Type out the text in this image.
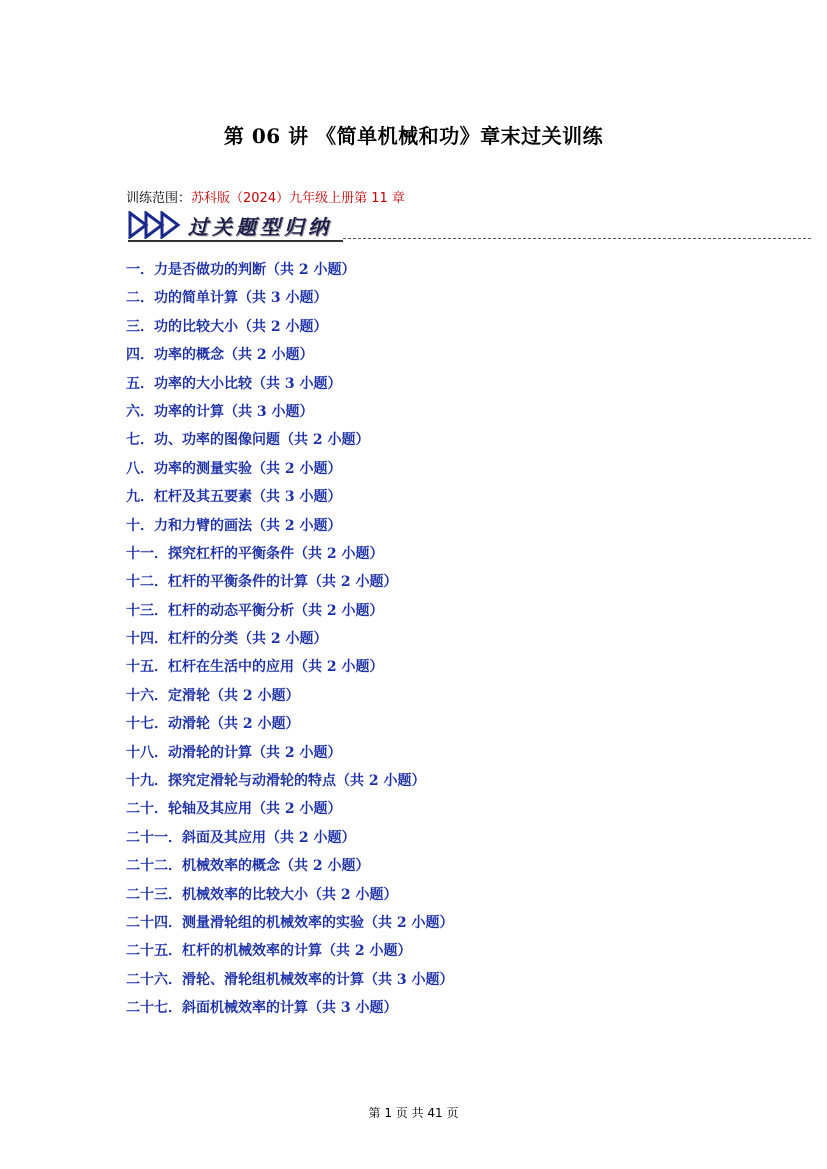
第 06 讲 《简单机械和功》章末过关训练
训练范围：苏科版（2024）九年级上册第 11 章
过关题型归纳
一．力是否做功的判断（共 2 小题）
二．功的简单计算（共 3 小题）
三．功的比较大小（共 2 小题）
四．功率的概念（共 2 小题）
五．功率的大小比较（共 3 小题）
六．功率的计算（共 3 小题）
七．功、功率的图像问题（共 2 小题）
八．功率的测量实验（共 2 小题）
九．杠杆及其五要素（共 3 小题）
十．力和力臂的画法（共 2 小题）
十一．探究杠杆的平衡条件（共 2 小题）
十二．杠杆的平衡条件的计算（共 2 小题）
十三．杠杆的动态平衡分析（共 2 小题）
十四．杠杆的分类（共 2 小题）
十五．杠杆在生活中的应用（共 2 小题）
十六．定滑轮（共 2 小题）
十七．动滑轮（共 2 小题）
十八．动滑轮的计算（共 2 小题）
十九．探究定滑轮与动滑轮的特点（共 2 小题）
二十．轮轴及其应用（共 2 小题）
二十一．斜面及其应用（共 2 小题）
二十二．机械效率的概念（共 2 小题）
二十三．机械效率的比较大小（共 2 小题）
二十四．测量滑轮组的机械效率的实验（共 2 小题）
二十五．杠杆的机械效率的计算（共 2 小题）
二十六．滑轮、滑轮组机械效率的计算（共 3 小题）
二十七．斜面机械效率的计算（共 3 小题）
第 1 页 共 41 页
